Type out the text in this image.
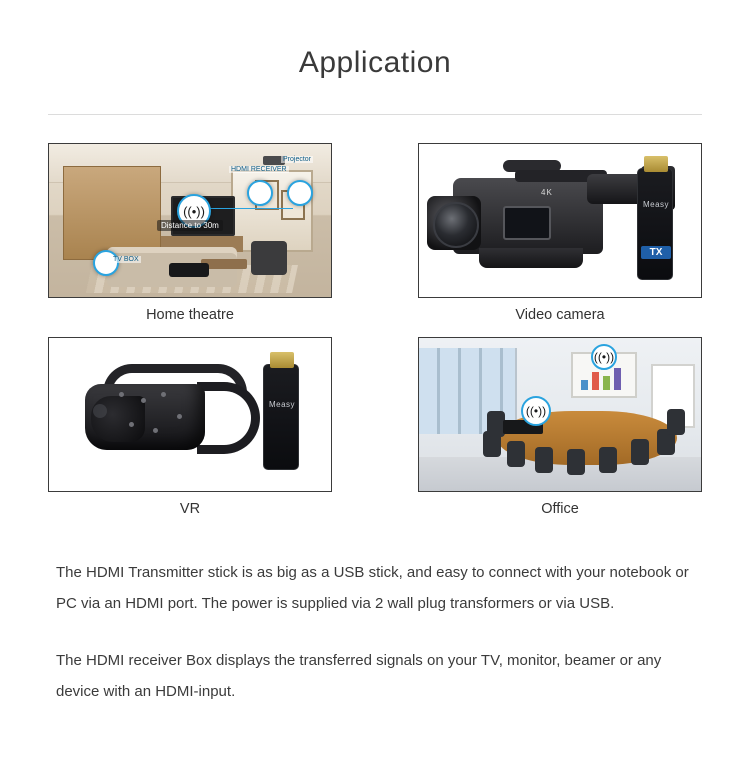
Application
((•))
HDMI RECEIVER
Projector
TV BOX
Distance to 30m
Home theatre
4K
Measy
TX
Video camera
Measy
VR
((•))
((•))
Office

The HDMI Transmitter stick is as big as a USB stick, and easy to connect with your notebook or PC via an HDMI port. The power is supplied via 2 wall plug transformers or via USB.

The HDMI receiver Box displays the transferred signals on your TV, monitor, beamer or any device with an HDMI-input.
